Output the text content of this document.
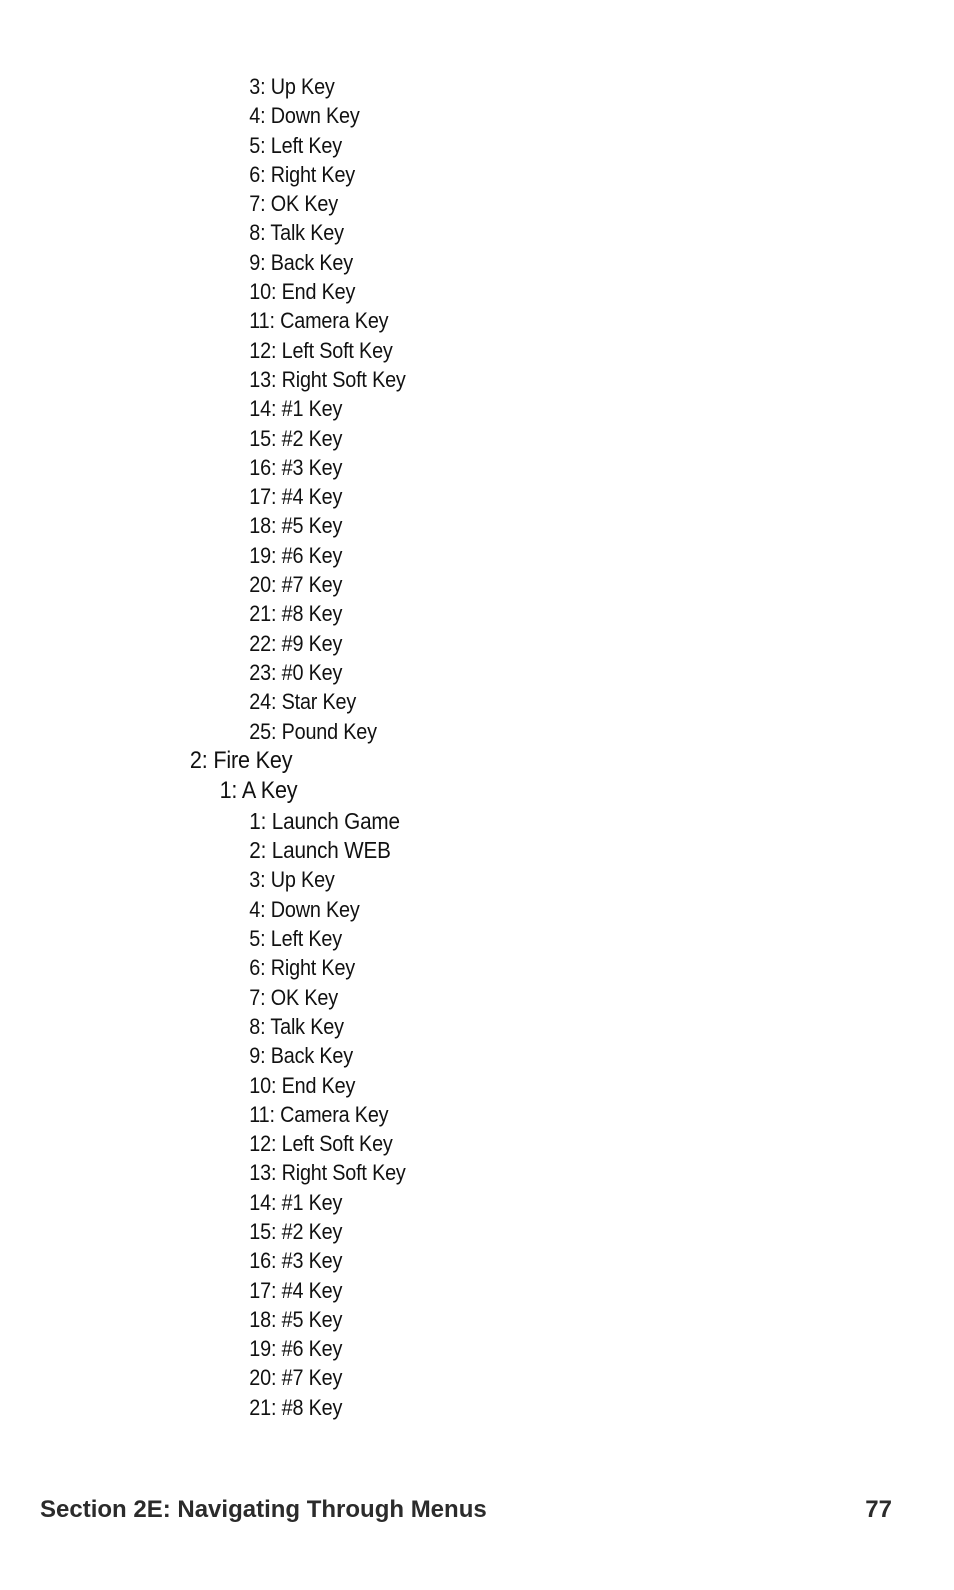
3: Up Key
4: Down Key
5: Left Key
6: Right Key
7: OK Key
8: Talk Key
9: Back Key
10: End Key
11: Camera Key
12: Left Soft Key
13: Right Soft Key
14: #1 Key
15: #2 Key
16: #3 Key
17: #4 Key
18: #5 Key
19: #6 Key
20: #7 Key
21: #8 Key
22: #9 Key
23: #0 Key
24: Star Key
25: Pound Key
2: Fire Key
1: A Key
1: Launch Game
2: Launch WEB
3: Up Key
4: Down Key
5: Left Key
6: Right Key
7: OK Key
8: Talk Key
9: Back Key
10: End Key
11: Camera Key
12: Left Soft Key
13: Right Soft Key
14: #1 Key
15: #2 Key
16: #3 Key
17: #4 Key
18: #5 Key
19: #6 Key
20: #7 Key
21: #8 Key
Section 2E: Navigating Through Menus	77
